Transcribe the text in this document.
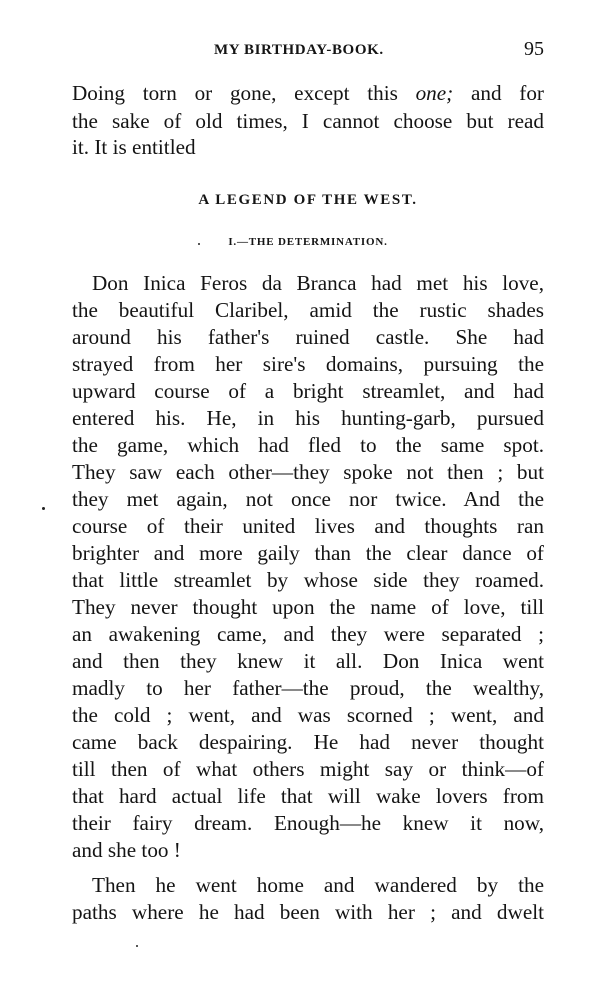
MY BIRTHDAY-BOOK.	95
Doing torn or gone, except this one; and for
the sake of old times, I cannot choose but read
it. It is entitled
A LEGEND OF THE WEST.
I.—THE DETERMINATION.
Don Inica Feros da Branca had met his love,
the beautiful Claribel, amid the rustic shades
around his father's ruined castle. She had
strayed from her sire's domains, pursuing the
upward course of a bright streamlet, and had
entered his. He, in his hunting-garb, pursued
the game, which had fled to the same spot.
They saw each other—they spoke not then ; but
they met again, not once nor twice. And the
course of their united lives and thoughts ran
brighter and more gaily than the clear dance of
that little streamlet by whose side they roamed.
They never thought upon the name of love, till
an awakening came, and they were separated ;
and then they knew it all. Don Inica went
madly to her father—the proud, the wealthy,
the cold ; went, and was scorned ; went, and
came back despairing. He had never thought
till then of what others might say or think—of
that hard actual life that will wake lovers from
their fairy dream. Enough—he knew it now,
and she too !
Then he went home and wandered by the
paths where he had been with her ; and dwelt
